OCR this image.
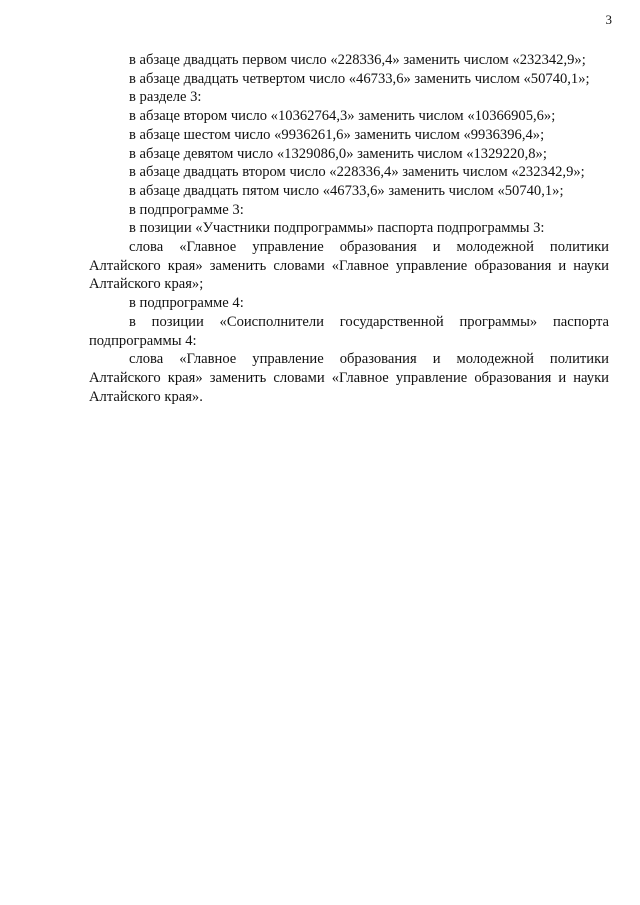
3

в абзаце двадцать первом число «228336,4» заменить числом «232342,9»;

в абзаце двадцать четвертом число «46733,6» заменить числом «50740,1»;

в разделе 3:

в абзаце втором число «10362764,3» заменить числом «10366905,6»;

в абзаце шестом число «9936261,6» заменить числом «9936396,4»;

в абзаце девятом число «1329086,0» заменить числом «1329220,8»;

в абзаце двадцать втором число «228336,4» заменить числом «232342,9»;

в абзаце двадцать пятом число «46733,6» заменить числом «50740,1»;

в подпрограмме 3:

в позиции «Участники подпрограммы» паспорта подпрограммы 3:

слова «Главное управление образования и молодежной политики Алтайского края» заменить словами «Главное управление образования и науки Алтайского края»;

в подпрограмме 4:

в позиции «Соисполнители государственной программы» паспорта подпрограммы 4:

слова «Главное управление образования и молодежной политики Алтайского края» заменить словами «Главное управление образования и науки Алтайского края».
